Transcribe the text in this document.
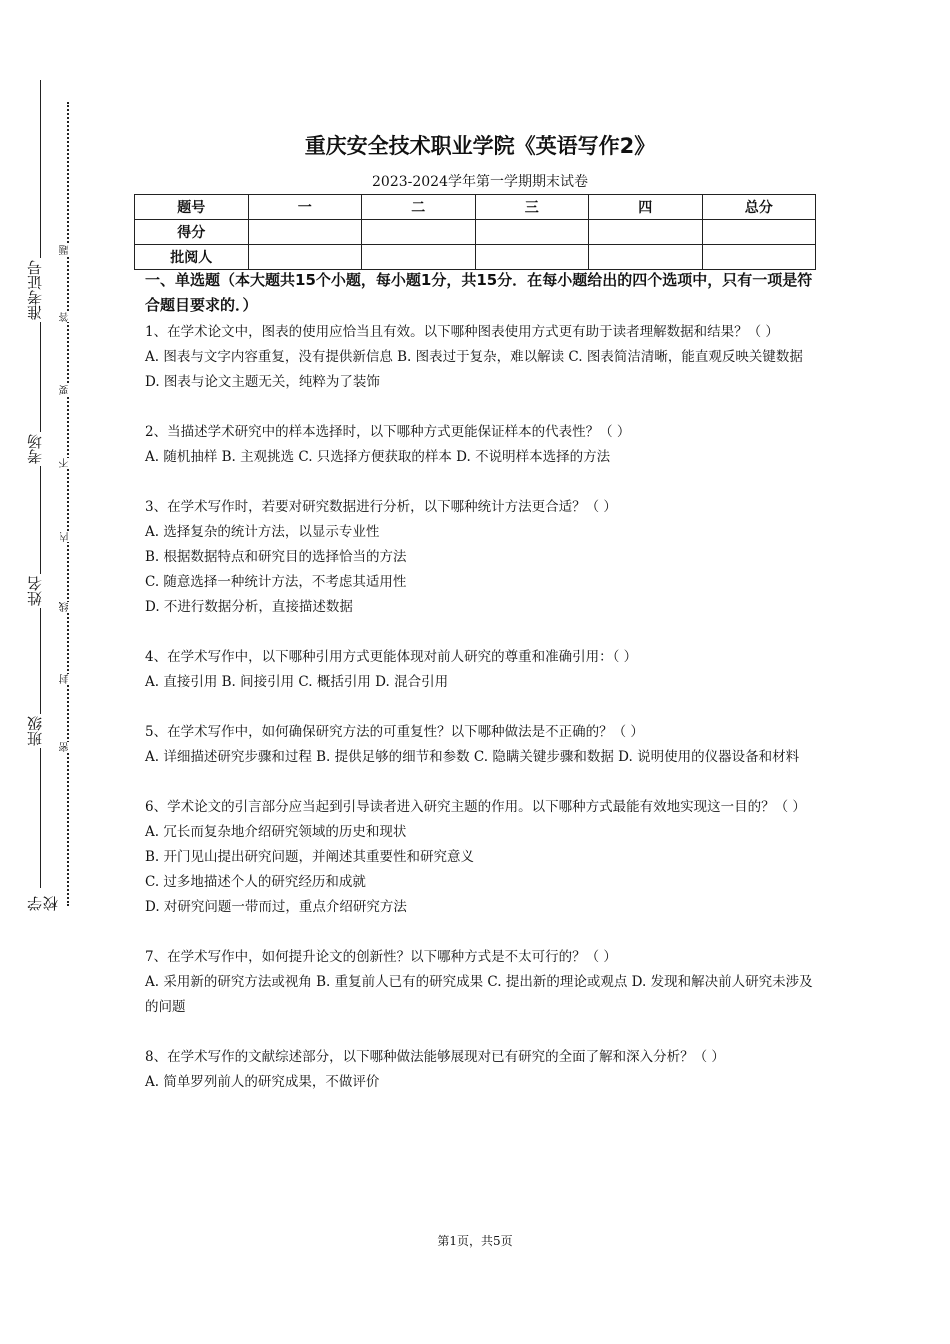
准考证号
考场
姓名
班级
学校
题
答
要
不
内
线
封
密
重庆安全技术职业学院《英语写作2》
2023-2024学年第一学期期末试卷
题号	一	二	三	四	总分
得分					
批阅人					

一、单选题（本大题共15个小题，每小题1分，共15分．在每小题给出的四个选项中，只有一项是符合题目要求的．）

1、在学术论文中，图表的使用应恰当且有效。以下哪种图表使用方式更有助于读者理解数据和结果？（ ）

A. 图表与文字内容重复，没有提供新信息 B. 图表过于复杂，难以解读 C. 图表简洁清晰，能直观反映关键数据 D. 图表与论文主题无关，纯粹为了装饰

2、当描述学术研究中的样本选择时，以下哪种方式更能保证样本的代表性？（ ）

A. 随机抽样 B. 主观挑选 C. 只选择方便获取的样本 D. 不说明样本选择的方法

3、在学术写作时，若要对研究数据进行分析，以下哪种统计方法更合适？（ ）

A. 选择复杂的统计方法，以显示专业性

B. 根据数据特点和研究目的选择恰当的方法

C. 随意选择一种统计方法，不考虑其适用性

D. 不进行数据分析，直接描述数据

4、在学术写作中，以下哪种引用方式更能体现对前人研究的尊重和准确引用：（ ）

A. 直接引用 B. 间接引用 C. 概括引用 D. 混合引用

5、在学术写作中，如何确保研究方法的可重复性？以下哪种做法是不正确的？（ ）

A. 详细描述研究步骤和过程 B. 提供足够的细节和参数 C. 隐瞒关键步骤和数据 D. 说明使用的仪器设备和材料

6、学术论文的引言部分应当起到引导读者进入研究主题的作用。以下哪种方式最能有效地实现这一目的？（ ）

A. 冗长而复杂地介绍研究领域的历史和现状

B. 开门见山提出研究问题，并阐述其重要性和研究意义

C. 过多地描述个人的研究经历和成就

D. 对研究问题一带而过，重点介绍研究方法

7、在学术写作中，如何提升论文的创新性？以下哪种方式是不太可行的？（ ）

A. 采用新的研究方法或视角 B. 重复前人已有的研究成果 C. 提出新的理论或观点 D. 发现和解决前人研究未涉及的问题

8、在学术写作的文献综述部分，以下哪种做法能够展现对已有研究的全面了解和深入分析？（ ）

A. 简单罗列前人的研究成果，不做评价

第1页，共5页
